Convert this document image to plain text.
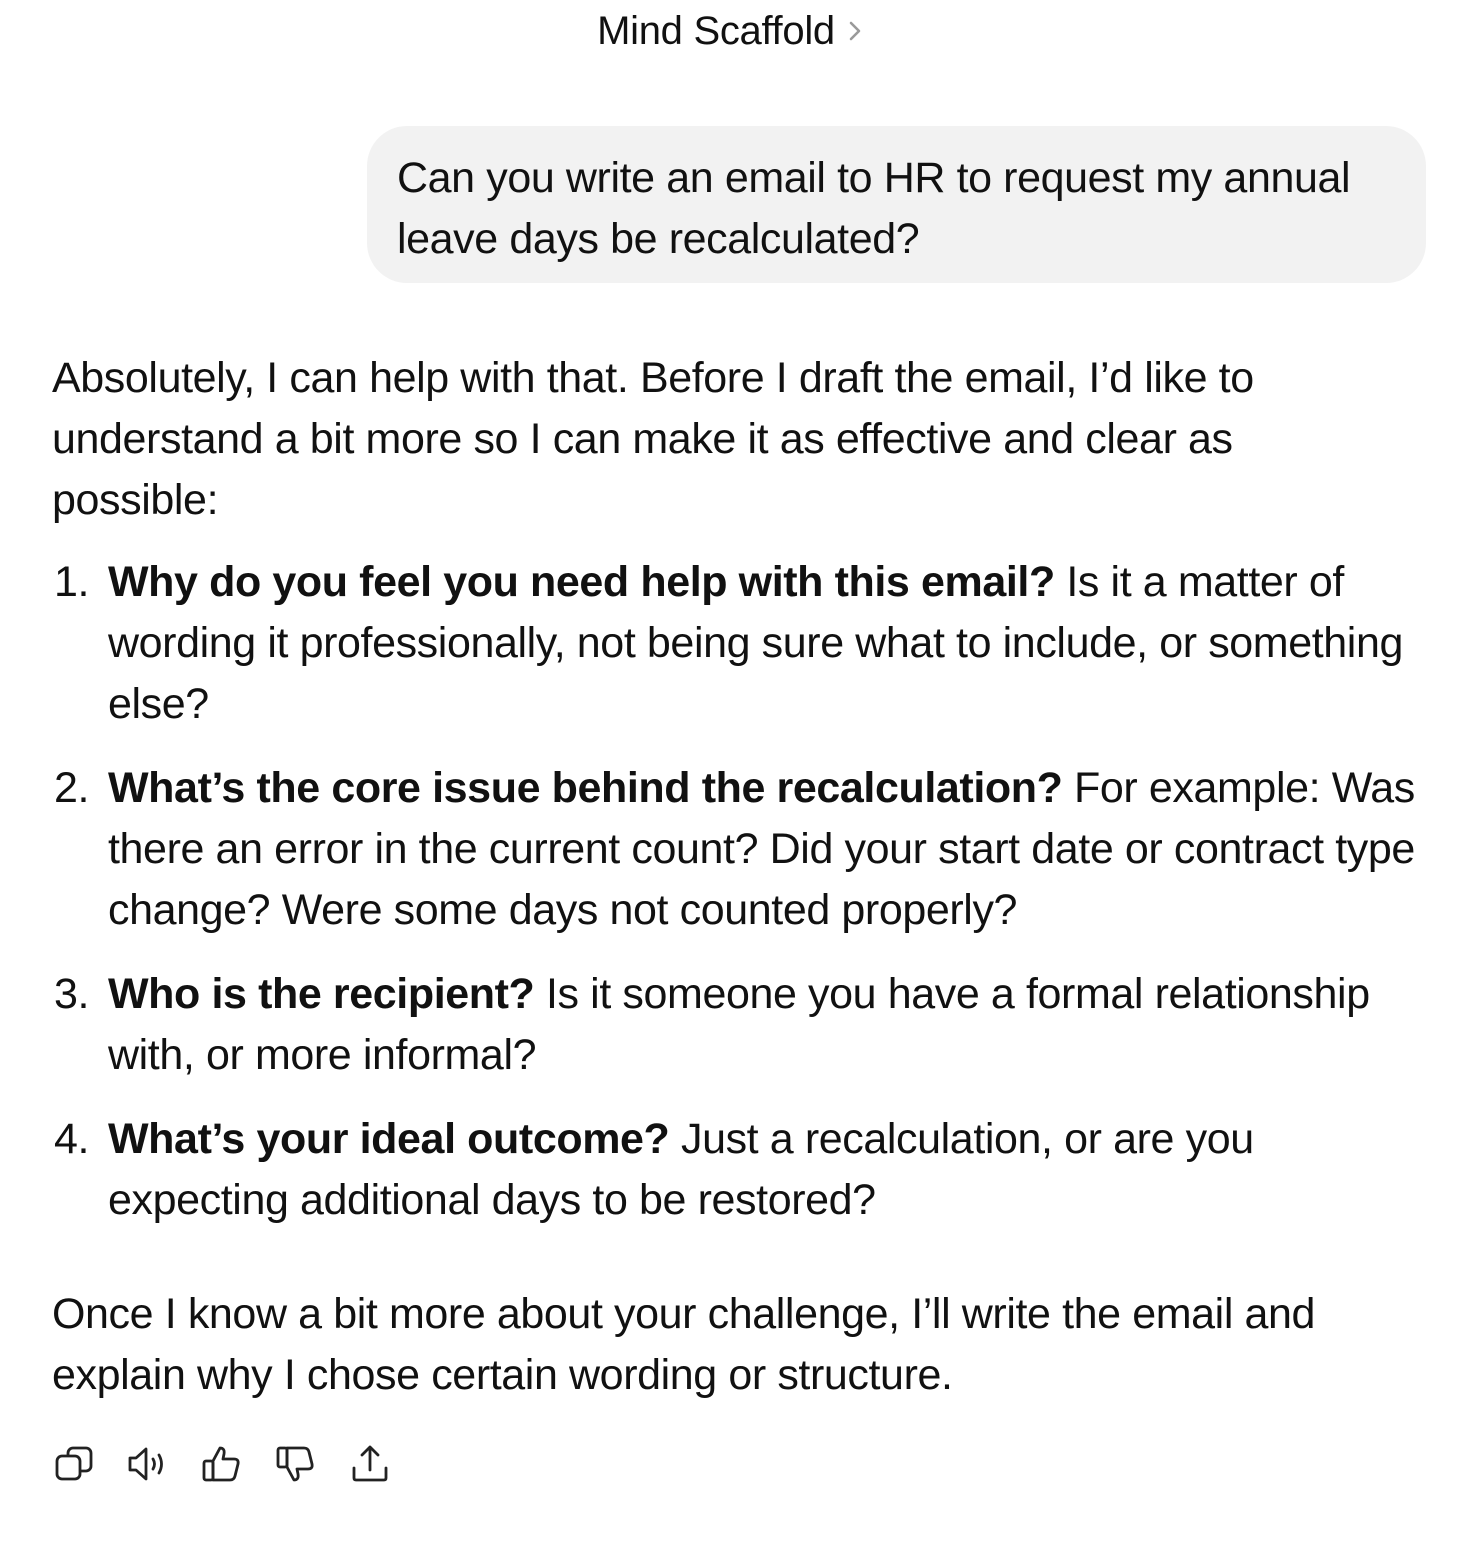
Mind Scaffold
Can you write an email to HR to request my annual leave days be recalculated?

Absolutely, I can help with that. Before I draft the email, I’d like to understand a bit more so I can make it as effective and clear as possible:

1. Why do you feel you need help with this email? Is it a matter of wording it professionally, not being sure what to include, or something else?
2. What’s the core issue behind the recalculation? For example: Was there an error in the current count? Did your start date or contract type change? Were some days not counted properly?
3. Who is the recipient? Is it someone you have a formal relationship with, or more informal?
4. What’s your ideal outcome? Just a recalculation, or are you expecting additional days to be restored?

Once I know a bit more about your challenge, I’ll write the email and explain why I chose certain wording or structure.
